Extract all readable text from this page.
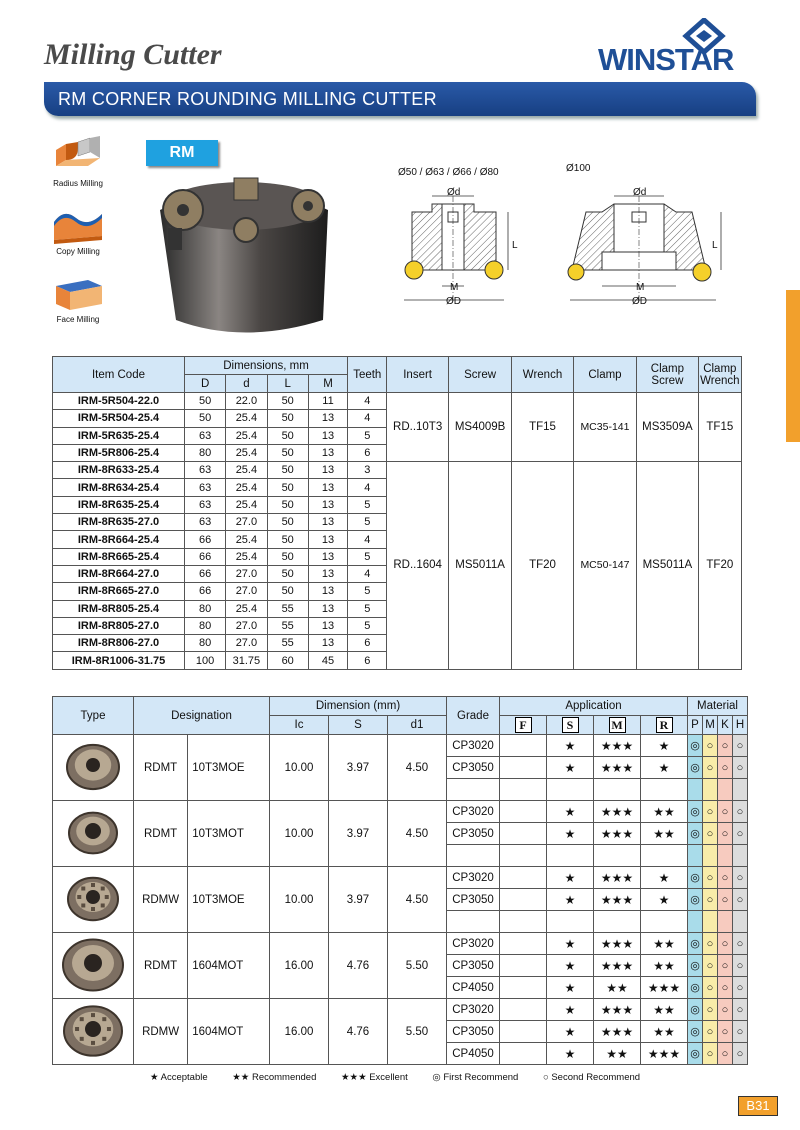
Milling Cutter	WINSTAR
RM CORNER ROUNDING MILLING CUTTER
Radius Milling
Copy Milling
Face Milling
RM
Ø50 / Ø63 / Ø66 / Ø80	Ø100
Ød
L
M
ØD
Ød
L
M
ØD
Item Code	Dimensions, mm				Teeth	Insert	Screw	Wrench	Clamp	Clamp Screw	Clamp Wrench
	D	d	L	M							
IRM-5R504-22.0	50	22.0	50	11	4	RD..10T3	MS4009B	TF15	MC35-141	MS3509A	TF15
IRM-5R504-25.4	50	25.4	50	13	4						
IRM-5R635-25.4	63	25.4	50	13	5						
IRM-5R806-25.4	80	25.4	50	13	6						
IRM-8R633-25.4	63	25.4	50	13	3	RD..1604	MS5011A	TF20	MC50-147	MS5011A	TF20
IRM-8R634-25.4	63	25.4	50	13	4						
IRM-8R635-25.4	63	25.4	50	13	5						
IRM-8R635-27.0	63	27.0	50	13	5						
IRM-8R664-25.4	66	25.4	50	13	4						
IRM-8R665-25.4	66	25.4	50	13	5						
IRM-8R664-27.0	66	27.0	50	13	4						
IRM-8R665-27.0	66	27.0	50	13	5						
IRM-8R805-25.4	80	25.4	55	13	5						
IRM-8R805-27.0	80	27.0	55	13	5						
IRM-8R806-27.0	80	27.0	55	13	6						
IRM-8R1006-31.75	100	31.75	60	45	6						
Type	Designation		Dimension (mm)			Grade	Application				Material			
			Ic	S	d1		F	S	M	R	P	M	K	H
	RDMT	10T3MOE	10.00	3.97	4.50	CP3020		★	★★★	★	◎	○	○	○
						CP3050		★	★★★	★	◎	○	○	○

	RDMT	10T3MOT	10.00	3.97	4.50	CP3020		★	★★★	★★	◎	○	○	○
						CP3050		★	★★★	★★	◎	○	○	○

	RDMW	10T3MOE	10.00	3.97	4.50	CP3020		★	★★★	★	◎	○	○	○
						CP3050		★	★★★	★	◎	○	○	○

	RDMT	1604MOT	16.00	4.76	5.50	CP3020		★	★★★	★★	◎	○	○	○
						CP3050		★	★★★	★★	◎	○	○	○
						CP4050		★	★★	★★★	◎	○	○	○
	RDMW	1604MOT	16.00	4.76	5.50	CP3020		★	★★★	★★	◎	○	○	○
						CP3050		★	★★★	★★	◎	○	○	○
						CP4050		★	★★	★★★	◎	○	○	○
★ Acceptable	★★ Recommended	★★★ Excellent	◎ First Recommend	○ Second Recommend
B31
